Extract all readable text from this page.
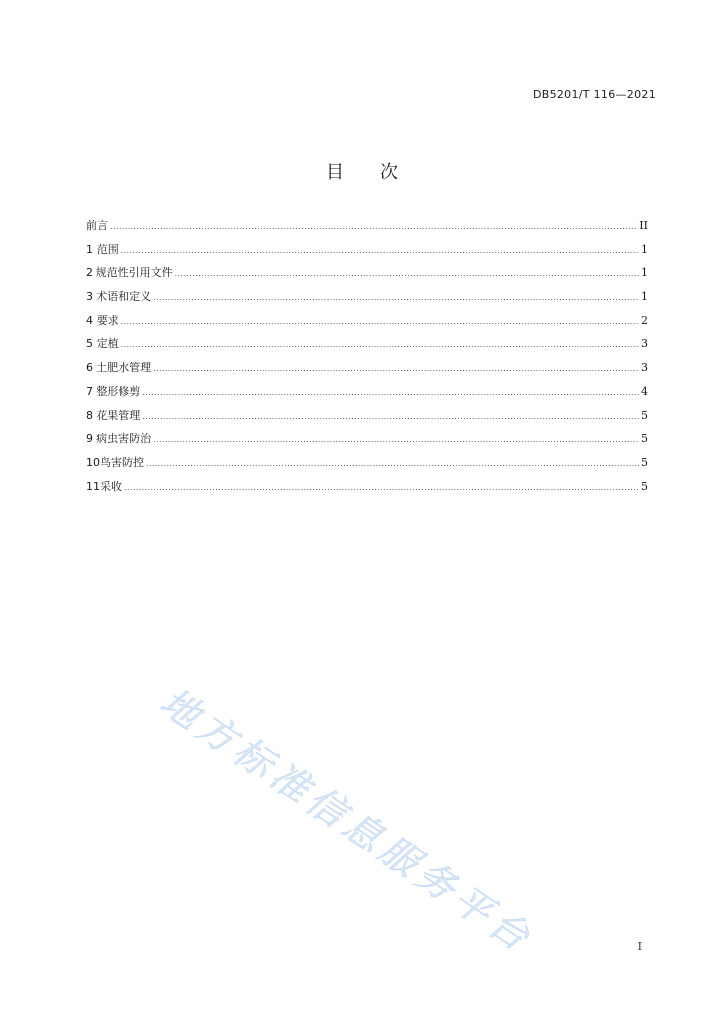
DB5201/T 116—2021
目次
前言 .....	II
1 范围 .....	1
2 规范性引用文件 .....	1
3 术语和定义 .....	1
4 要求 .....	2
5 定植 .....	3
6 土肥水管理 .....	3
7 整形修剪 .....	4
8 花果管理 .....	5
9 病虫害防治 .....	5
10 鸟害防控 .....	5
11 采收 .....	5
地方标准信息服务平台	I
